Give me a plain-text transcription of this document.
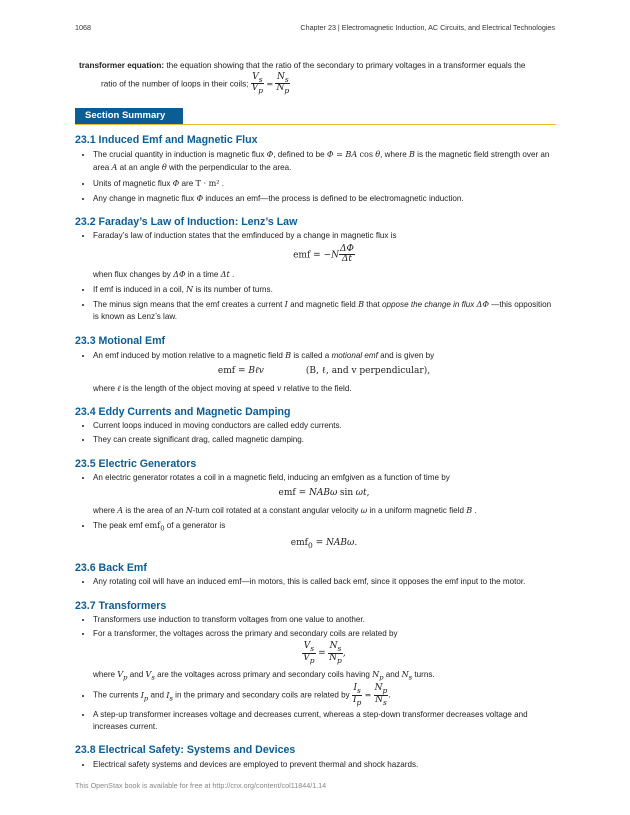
1068	Chapter 23 | Electromagnetic Induction, AC Circuits, and Electrical Technologies
transformer equation: the equation showing that the ratio of the secondary to primary voltages in a transformer equals the
ratio of the number of loops in their coils; $\frac{V_s}{V_p} = \frac{N_s}{N_p}$
Section Summary
23.1 Induced Emf and Magnetic Flux
• The crucial quantity in induction is magnetic flux Φ, defined to be Φ = BA cos θ, where B is the magnetic field strength over an area A at an angle θ with the perpendicular to the area.
• Units of magnetic flux Φ are T · m² .
• Any change in magnetic flux Φ induces an emf—the process is defined to be electromagnetic induction.
23.2 Faraday’s Law of Induction: Lenz’s Law
• Faraday’s law of induction states that the emfinduced by a change in magnetic flux is
emf = $-N \frac{\Delta\Phi}{\Delta t}$
when flux changes by ΔΦ in a time Δt .
• If emf is induced in a coil, N is its number of turns.
• The minus sign means that the emf creates a current I and magnetic field B that oppose the change in flux ΔΦ —this opposition is known as Lenz’s law.
23.3 Motional Emf
• An emf induced by motion relative to a magnetic field B is called a motional emf and is given by
emf = Bℓv	(B, ℓ, and v perpendicular),
where ℓ is the length of the object moving at speed v relative to the field.
23.4 Eddy Currents and Magnetic Damping
• Current loops induced in moving conductors are called eddy currents.
• They can create significant drag, called magnetic damping.
23.5 Electric Generators
• An electric generator rotates a coil in a magnetic field, inducing an emfgiven as a function of time by
emf = NABω sin ωt,
where A is the area of an N-turn coil rotated at a constant angular velocity ω in a uniform magnetic field B .
• The peak emf emf$_0$ of a generator is
emf$_0$ = NABω.
23.6 Back Emf
• Any rotating coil will have an induced emf—in motors, this is called back emf, since it opposes the emf input to the motor.
23.7 Transformers
• Transformers use induction to transform voltages from one value to another.
• For a transformer, the voltages across the primary and secondary coils are related by
$\frac{V_s}{V_p} = \frac{N_s}{N_p}$ ,
where $V_p$ and $V_s$ are the voltages across primary and secondary coils having $N_p$ and $N_s$ turns.
• The currents $I_p$ and $I_s$ in the primary and secondary coils are related by $\frac{I_s}{I_p} = \frac{N_p}{N_s}$ .
• A step-up transformer increases voltage and decreases current, whereas a step-down transformer decreases voltage and increases current.
23.8 Electrical Safety: Systems and Devices
• Electrical safety systems and devices are employed to prevent thermal and shock hazards.
This OpenStax book is available for free at http://cnx.org/content/col11844/1.14
